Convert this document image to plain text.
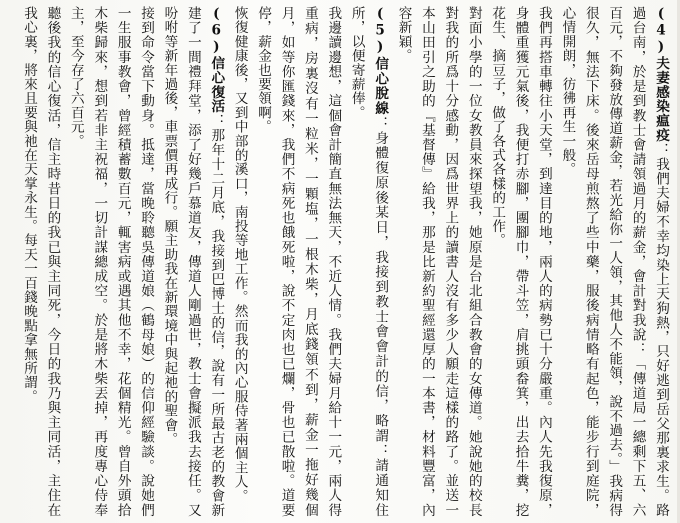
(4)夫妻感染瘟疫：我們夫婦不幸均染上天狗熱，只好逃到岳父那裏求生。路過台南，於是到教士會請領過月的薪金，會計對我說：「傳道局一總剩下五、六百元，不夠發放傳道薪金，若光給你一人領，其他人不能領，說不過去。」我病得很久，無法下床。後來岳母煎熬了些中藥，服後病情略有起色，能步行到庭院，心情開朗，彷彿再生一般。

我們再搭車轉往小天堂，到達目的地，兩人的病勢已十分嚴重。內人先我復原，身體重獲元氣後，我便打赤腳，團腳巾，帶斗笠，肩挑頭畚箕，出去拾牛糞，挖花生、摘豆子，做了各式各樣的工作。

對面小學的一位女教員來探望我，她原是台北組合教會的女傳道。她說她的校長對我的所爲十分感動，因爲世界上的讀書人沒有多少人願走這樣的路了。並送一本山田引之助的『基督傳』給我，那是比新約聖經還厚的一本書，材料豐富，內容新穎。

(5)信心脫線：身體復原後某日，我接到教士會會計的信，略謂：請通知住所，以便寄薪俸。

我邊讀邊想，這個會計簡直無法無天，不近人情。我們夫婦月給十一元，兩人得重病，房裏沒有一粒米，一顆塩，一根木柴，月底錢領不到，薪金一拖好幾個月，如等你匯錢來，我們不病死也餓死啦，說不定肉也已爛，骨也已散啦。道要停，薪金也要領啊。

恢復健康後，又到中部的溪口，南投等地工作。然而我的內心服侍著兩個主人。

(6)信心復活：那年十二月底，我接到巴博士的信，說有一所最古老的教會新建了一間禮拜堂，添了好幾戶慕道友，傳道人剛過世，教士會擬派我去接任。又吩咐等新年過後，車票價再成行。願主助我在新環境中與起祂的聖會。

接到命令當下動身。抵達，當晚聆聽吳傳道娘（鶴母娘）的信仰經驗談。說她們一生服事教會，曾經積蓄數百元，輒害病或遇其他不幸，花個精光。曾自外頭拾木柴歸來，想到若非主祝福，一切計謀總成空。於是將木柴丟掉，再度專心侍奉主，至今存了六百元。

聽後我的信心復活，信主時昔日的我已與主同死，今日的我乃與主同活，主住在我心裏，將來且要與祂在天掌永生。每天一百錢晚點拿無所謂。
